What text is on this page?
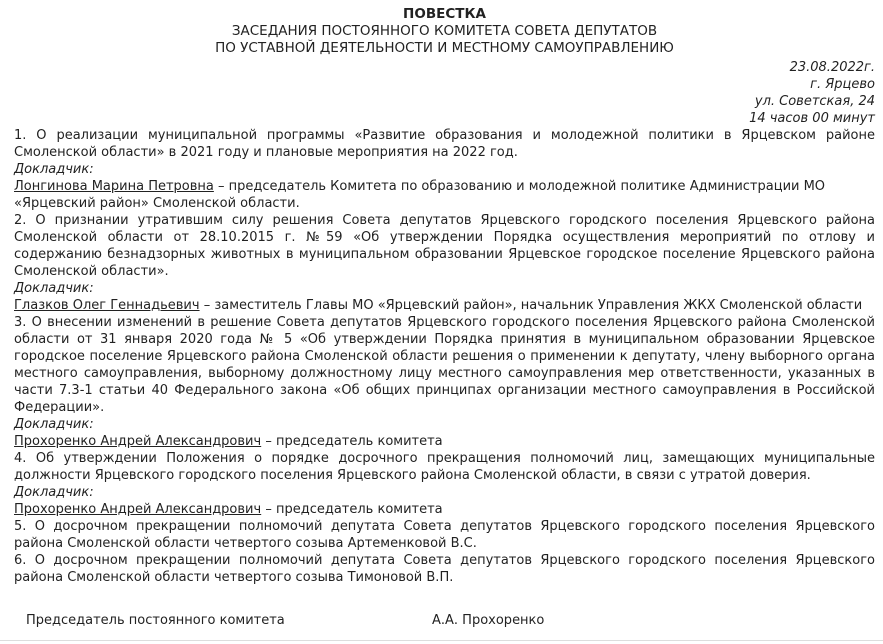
ПОВЕСТКА
ЗАСЕДАНИЯ ПОСТОЯННОГО КОМИТЕТА СОВЕТА ДЕПУТАТОВ
ПО УСТАВНОЙ ДЕЯТЕЛЬНОСТИ И МЕСТНОМУ САМОУПРАВЛЕНИЮ
23.08.2022г.
г. Ярцево
ул. Советская, 24
14 часов 00 минут
1. О реализации муниципальной программы «Развитие образования и молодежной политики в Ярцевском районе Смоленской области» в 2021 году и плановые мероприятия на 2022 год.
Докладчик:
Лонгинова Марина Петровна – председатель Комитета по образованию и молодежной политике Администрации МО «Ярцевский район» Смоленской области.
2. О признании утратившим силу решения Совета депутатов Ярцевского городского поселения Ярцевского района Смоленской области от 28.10.2015 г. №59 «Об утверждении Порядка осуществления мероприятий по отлову и содержанию безнадзорных животных в муниципальном образовании Ярцевское городское поселение Ярцевского района Смоленской области».
Докладчик:
Глазков Олег Геннадьевич – заместитель Главы МО «Ярцевский район», начальник Управления ЖКХ Смоленской области
3. О внесении изменений в решение Совета депутатов Ярцевского городского поселения Ярцевского района Смоленской области от 31 января 2020 года № 5 «Об утверждении Порядка принятия в муниципальном образовании Ярцевское городское поселение Ярцевского района Смоленской области решения о применении к депутату, члену выборного органа местного самоуправления, выборному должностному лицу местного самоуправления мер ответственности, указанных в части 7.3-1 статьи 40 Федерального закона «Об общих принципах организации местного самоуправления в Российской Федерации».
Докладчик:
Прохоренко Андрей Александрович – председатель комитета
4. Об утверждении Положения о порядке досрочного прекращения полномочий лиц, замещающих муниципальные должности Ярцевского городского поселения Ярцевского района Смоленской области, в связи с утратой доверия.
Докладчик:
Прохоренко Андрей Александрович – председатель комитета
5. О досрочном прекращении полномочий депутата Совета депутатов Ярцевского городского поселения Ярцевского района Смоленской области четвертого созыва Артеменковой В.С.
6. О досрочном прекращении полномочий депутата Совета депутатов Ярцевского городского поселения Ярцевского района Смоленской области четвертого созыва Тимоновой В.П.
Председатель постоянного комитета	А.А. Прохоренко
